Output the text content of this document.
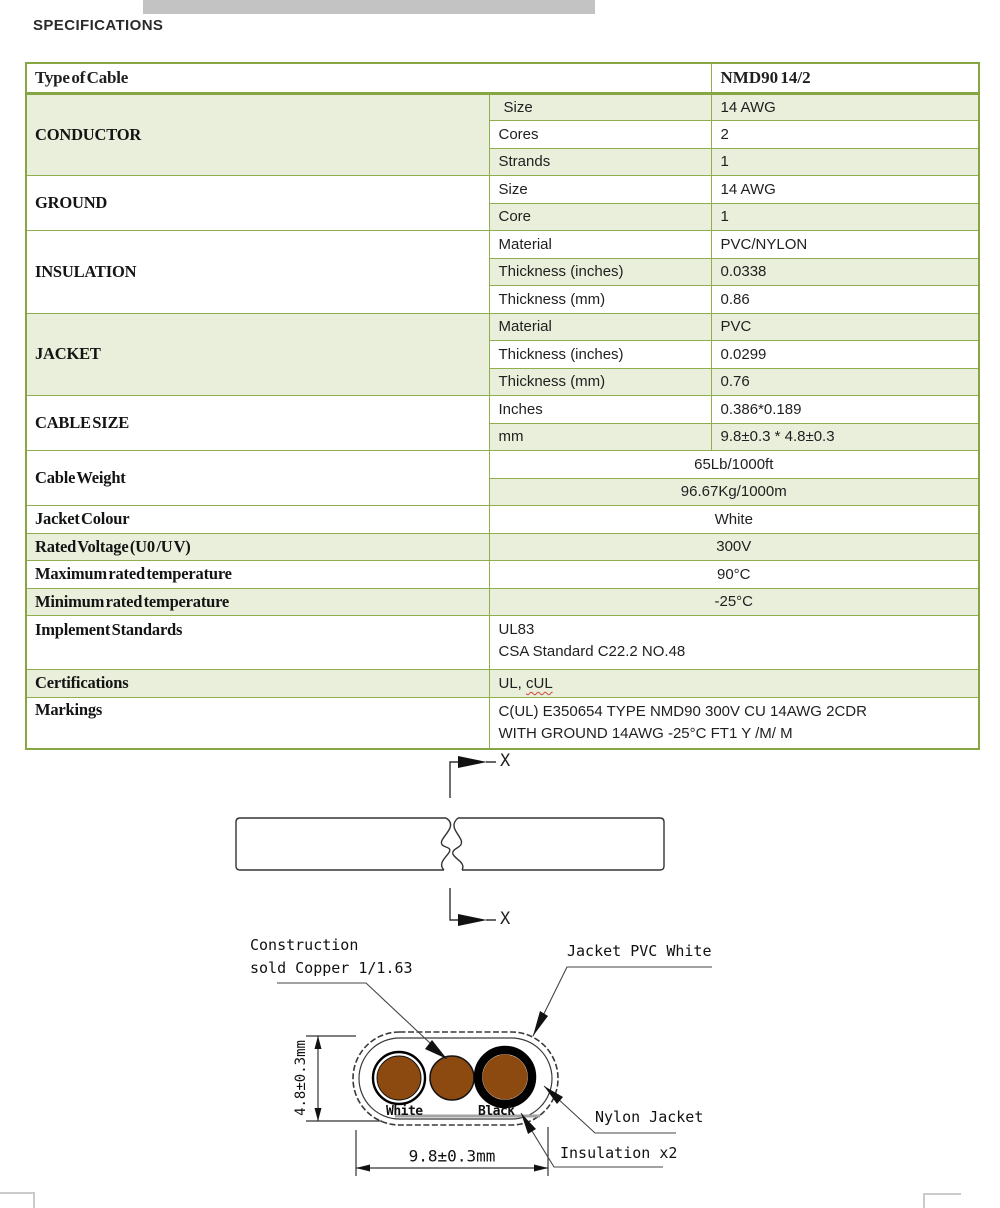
SPECIFICATIONS
Type of Cable		NMD90 14/2
CONDUCTOR	Size	14 AWG
	Cores	2
	Strands	1
GROUND	Size	14 AWG
	Core	1
INSULATION	Material	PVC/NYLON
	Thickness (inches)	0.0338
	Thickness (mm)	0.86
JACKET	Material	PVC
	Thickness (inches)	0.0299
	Thickness (mm)	0.76
CABLE SIZE	Inches	0.386*0.189
	mm	9.8±0.3 * 4.8±0.3
Cable Weight	65Lb/1000ft	
	96.67Kg/1000m	
Jacket Colour	White	
Rated Voltage (U0 /U V)	300V	
Maximum rated temperature	90°C	
Minimum rated temperature	-25°C	
Implement Standards	UL83
CSA Standard C22.2 NO.48	

Certifications	UL, cUL	
Markings	C(UL) E350654 TYPE NMD90 300V CU 14AWG 2CDR
WITH GROUND 14AWG -25°C FT1 Y /M/ M	
X
X
Construction
sold Copper 1/1.63
Jacket PVC White
Nylon Jacket
Insulation x2
White	Black
4.8±0.3mm
9.8±0.3mm
